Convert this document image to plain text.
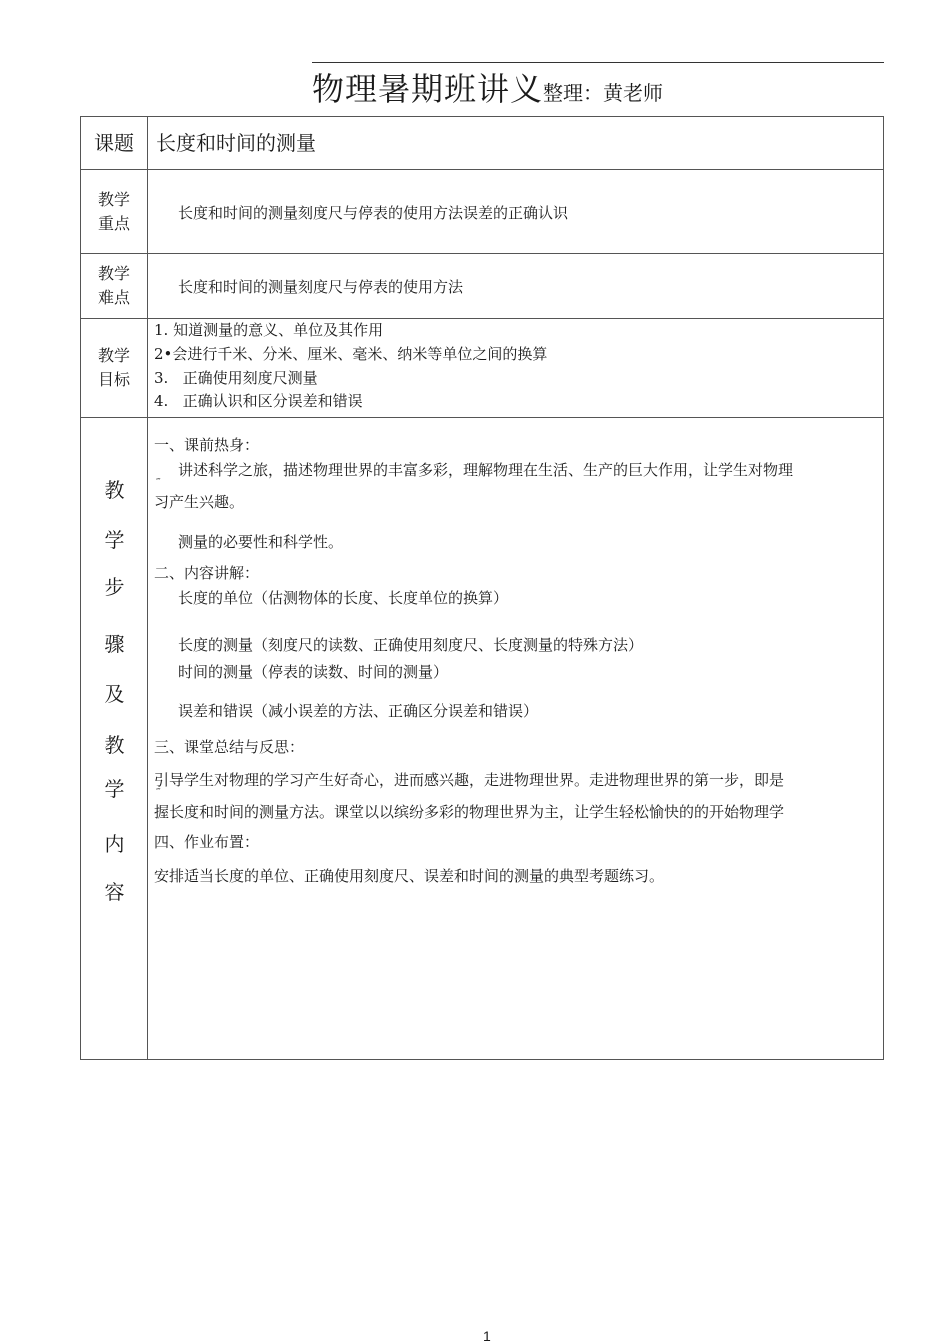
物理暑期班讲义整理：黄老师
课题	长度和时间的测量
教学重点
长度和时间的测量刻度尺与停表的使用方法误差的正确认识
教学难点
长度和时间的测量刻度尺与停表的使用方法
教学目标
1. 知道测量的意义、单位及其作用
2•会进行千米、分米、厘米、毫米、纳米等单位之间的换算
3.   正确使用刻度尺测量
4.   正确认识和区分误差和错误
教
学
步
骤
及
教
学
内
容
一、课前热身：
讲述科学之旅，描述物理世界的丰富多彩，理解物理在生活、生产的巨大作用，让学生对物理
‴
习产生兴趣。
测量的必要性和科学性。
二、内容讲解：
长度的单位（估测物体的长度、长度单位的换算）
长度的测量（刻度尺的读数、正确使用刻度尺、长度测量的特殊方法）
时间的测量（停表的读数、时间的测量）
误差和错误（减小误差的方法、正确区分误差和错误）
三、课堂总结与反思：
引导学生对物理的学习产生好奇心，进而感兴趣，走进物理世界。走进物理世界的第一步，即是
‴
握长度和时间的测量方法。课堂以以缤纷多彩的物理世界为主，让学生轻松愉快的的开始物理学
四、作业布置：
安排适当长度的单位、正确使用刻度尺、误差和时间的测量的典型考题练习。
1
